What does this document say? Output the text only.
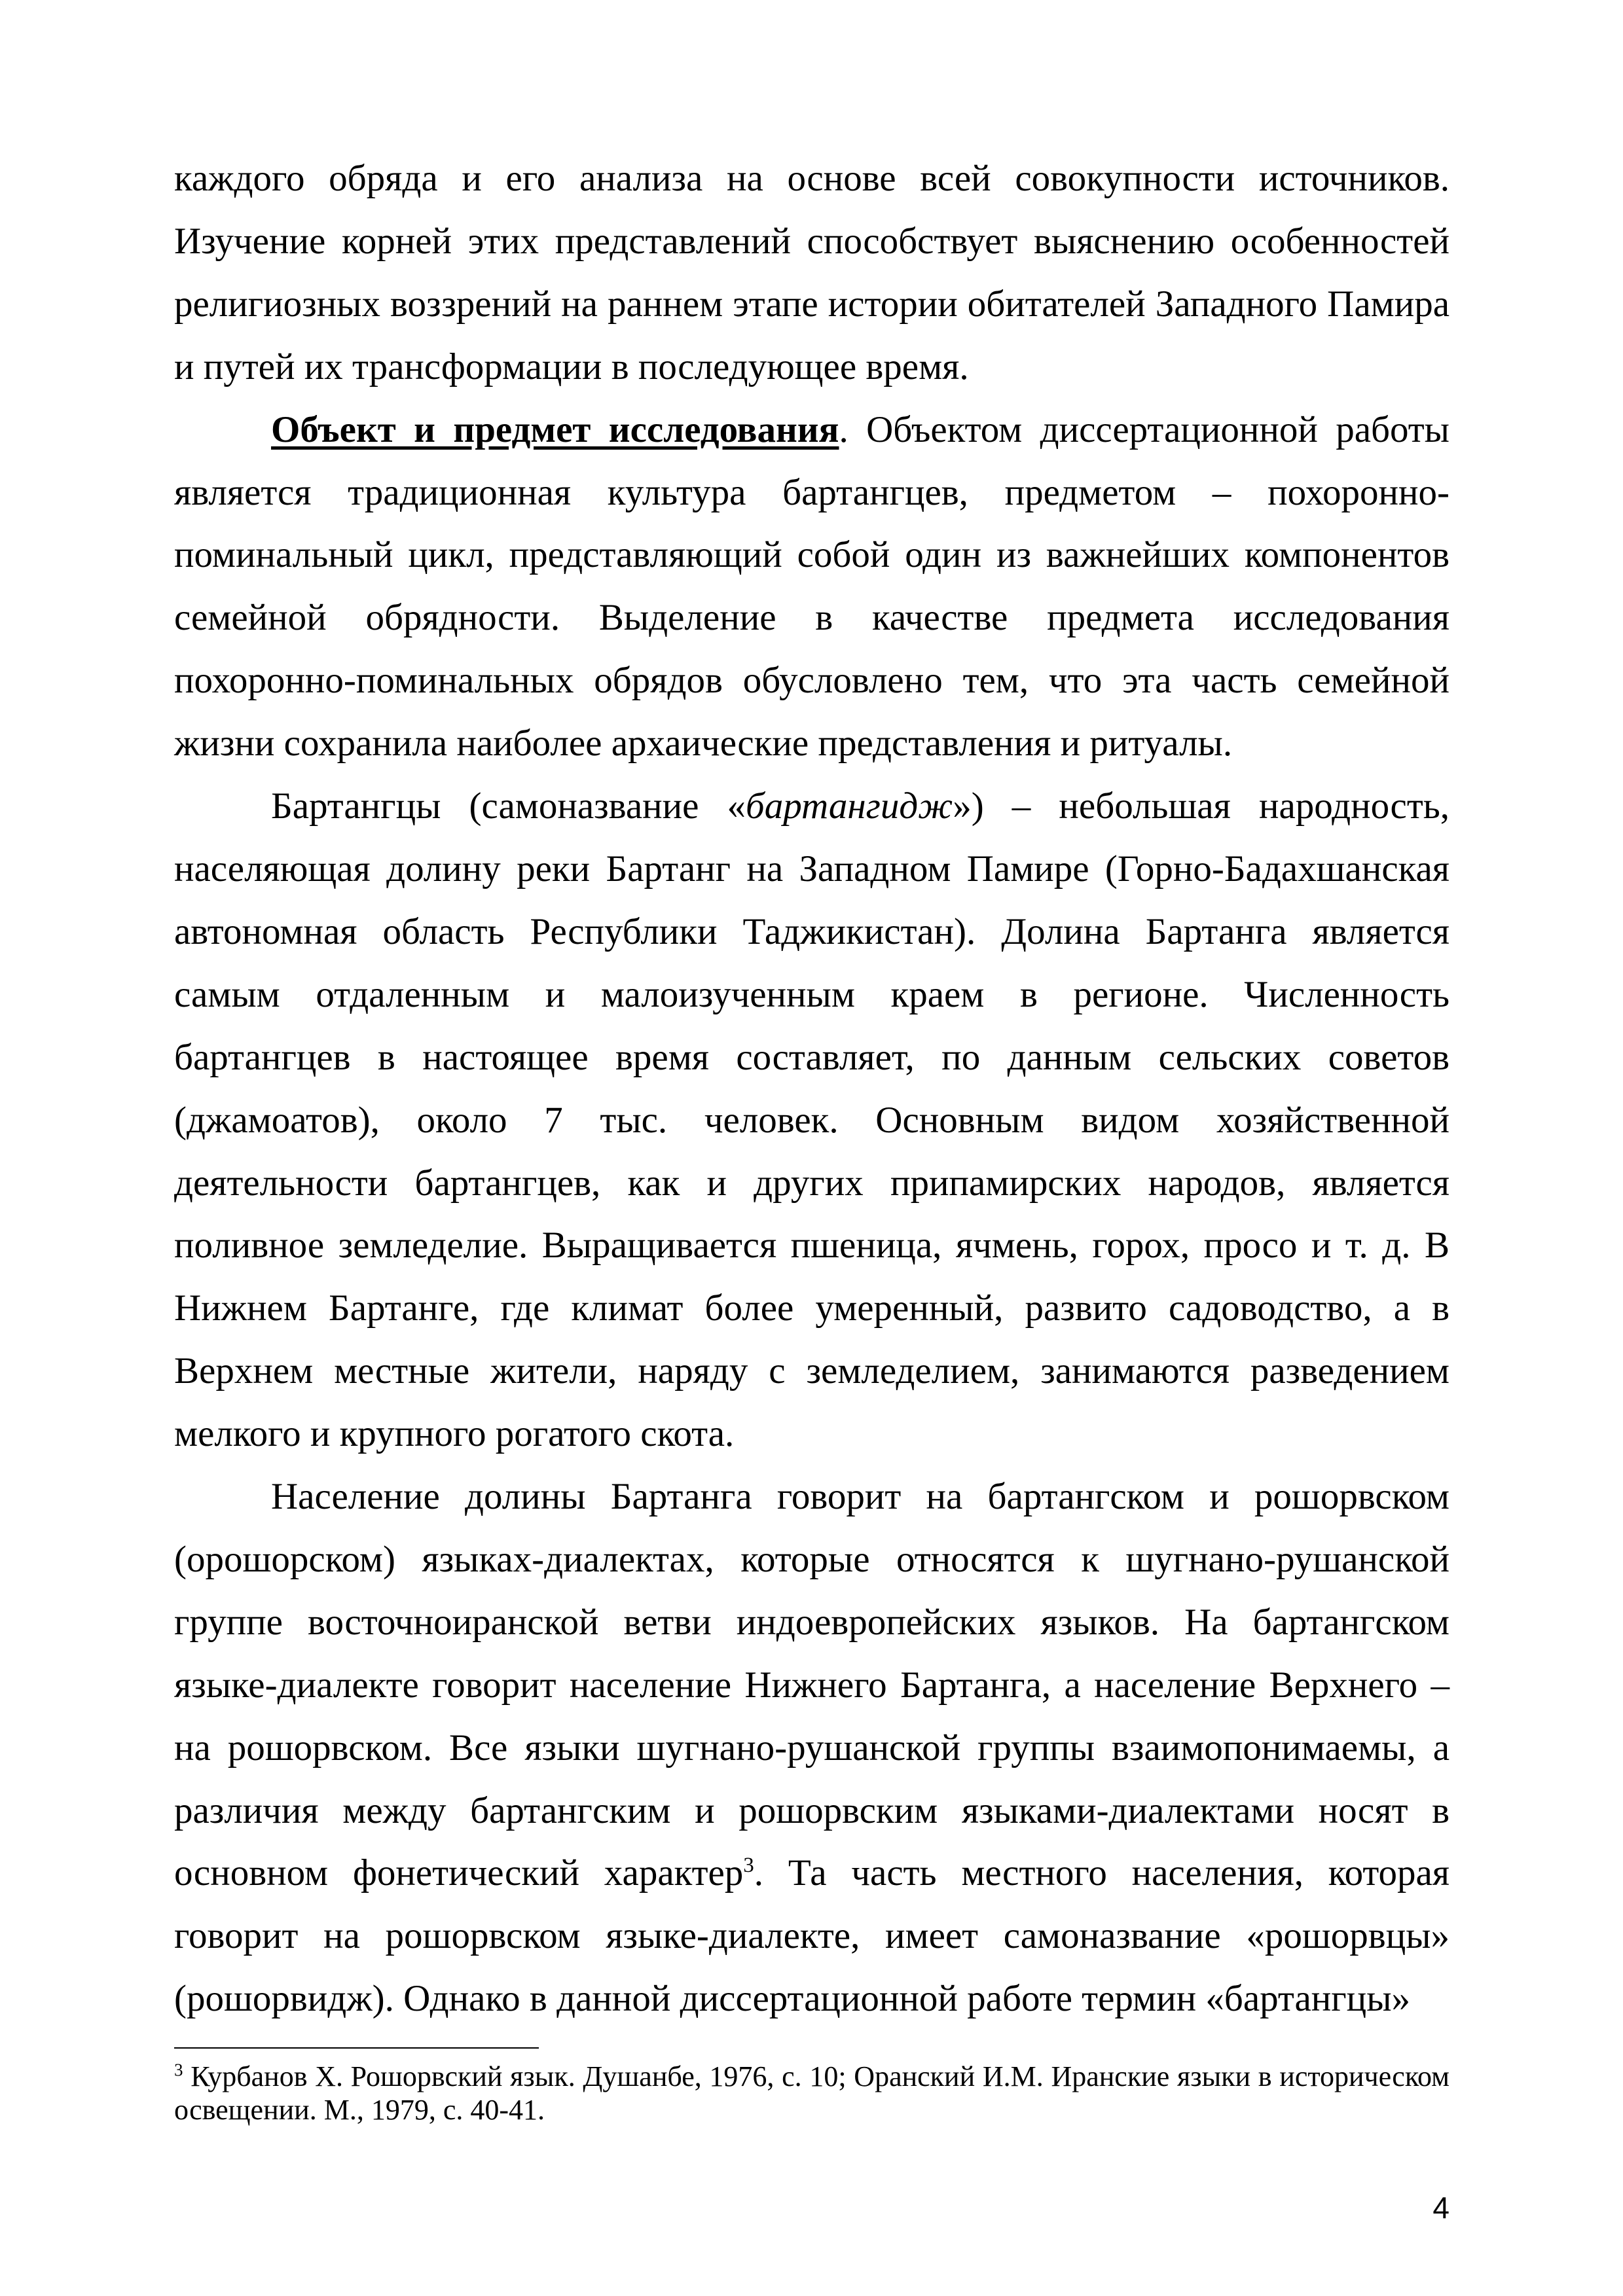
каждого обряда и его анализа на основе всей совокупности источников. Изучение корней этих представлений способствует выяснению особенностей религиозных воззрений на раннем этапе истории обитателей Западного Памира и путей их трансформации в последующее время.

Объект и предмет исследования. Объектом диссертационной работы является традиционная культура бартангцев, предметом – похоронно-поминальный цикл, представляющий собой один из важнейших компонентов семейной обрядности. Выделение в качестве предмета исследования похоронно-поминальных обрядов обусловлено тем, что эта часть семейной жизни сохранила наиболее архаические представления и ритуалы.

Бартангцы (самоназвание «бартангидж») – небольшая народность, населяющая долину реки Бартанг на Западном Памире (Горно-Бадахшанская автономная область Республики Таджикистан). Долина Бартанга является самым отдаленным и малоизученным краем в регионе. Численность бартангцев в настоящее время составляет, по данным сельских советов (джамоатов), около 7 тыс. человек. Основным видом хозяйственной деятельности бартангцев, как и других припамирских народов, является поливное земледелие. Выращивается пшеница, ячмень, горох, просо и т. д. В Нижнем Бартанге, где климат более умеренный, развито садоводство, а в Верхнем местные жители, наряду с земледелием, занимаются разведением мелкого и крупного рогатого скота.

Население долины Бартанга говорит на бартангском и рошорвском (орошорском) языках-диалектах, которые относятся к шугнано-рушанской группе восточноиранской ветви индоевропейских языков. На бартангском языке-диалекте говорит население Нижнего Бартанга, а население Верхнего – на рошорвском. Все языки шугнано-рушанской группы взаимопонимаемы, а различия между бартангским и рошорвским языками-диалектами носят в основном фонетический характер$^3$. Та часть местного населения, которая говорит на рошорвском языке-диалекте, имеет самоназвание «рошорвцы» (рошорвидж). Однако в данной диссертационной работе термин «бартангцы»

$^3$ Курбанов Х. Рошорвский язык. Душанбе, 1976, с. 10; Оранский И.М. Иранские языки в историческом освещении. М., 1979, с. 40-41.

4
